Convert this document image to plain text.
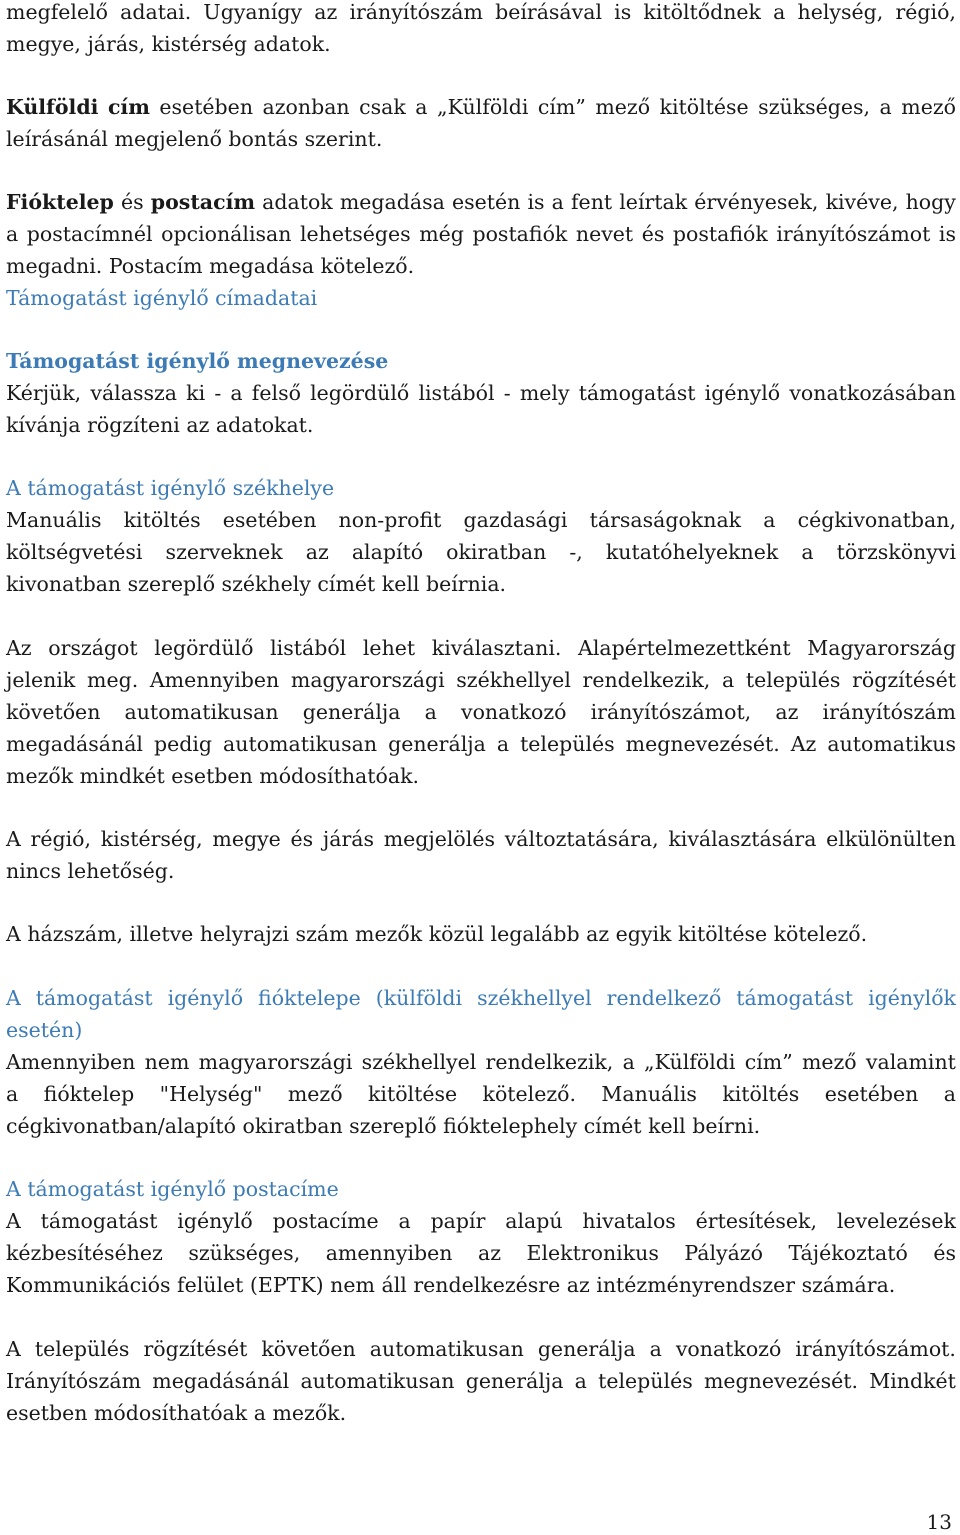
megfelelő adatai. Ugyanígy az irányítószám beírásával is kitöltődnek a helység, régió,
megye, járás, kistérség adatok.
Külföldi cím esetében azonban csak a „Külföldi cím” mező kitöltése szükséges, a mező
leírásánál megjelenő bontás szerint.
Fióktelep és postacím adatok megadása esetén is a fent leírtak érvényesek, kivéve, hogy
a postacímnél opcionálisan lehetséges még postafiók nevet és postafiók irányítószámot is
megadni. Postacím megadása kötelező.
Támogatást igénylő címadatai
Támogatást igénylő megnevezése
Kérjük, válassza ki - a felső legördülő listából - mely támogatást igénylő vonatkozásában
kívánja rögzíteni az adatokat.
A támogatást igénylő székhelye
Manuális kitöltés esetében non-profit gazdasági társaságoknak a cégkivonatban,
költségvetési szerveknek az alapító okiratban -, kutatóhelyeknek a törzskönyvi
kivonatban szereplő székhely címét kell beírnia.
Az országot legördülő listából lehet kiválasztani. Alapértelmezettként Magyarország
jelenik meg. Amennyiben magyarországi székhellyel rendelkezik, a település rögzítését
követően automatikusan generálja a vonatkozó irányítószámot, az irányítószám
megadásánál pedig automatikusan generálja a település megnevezését. Az automatikus
mezők mindkét esetben módosíthatóak.
A régió, kistérség, megye és járás megjelölés változtatására, kiválasztására elkülönülten
nincs lehetőség.
A házszám, illetve helyrajzi szám mezők közül legalább az egyik kitöltése kötelező.
A támogatást igénylő fióktelepe (külföldi székhellyel rendelkező támogatást igénylők
esetén)
Amennyiben nem magyarországi székhellyel rendelkezik, a „Külföldi cím” mező valamint
a fióktelep "Helység" mező kitöltése kötelező. Manuális kitöltés esetében a
cégkivonatban/alapító okiratban szereplő fióktelephely címét kell beírni.
A támogatást igénylő postacíme
A támogatást igénylő postacíme a papír alapú hivatalos értesítések, levelezések
kézbesítéséhez szükséges, amennyiben az Elektronikus Pályázó Tájékoztató és
Kommunikációs felület (EPTK) nem áll rendelkezésre az intézményrendszer számára.
A település rögzítését követően automatikusan generálja a vonatkozó irányítószámot.
Irányítószám megadásánál automatikusan generálja a település megnevezését. Mindkét
esetben módosíthatóak a mezők.
13
